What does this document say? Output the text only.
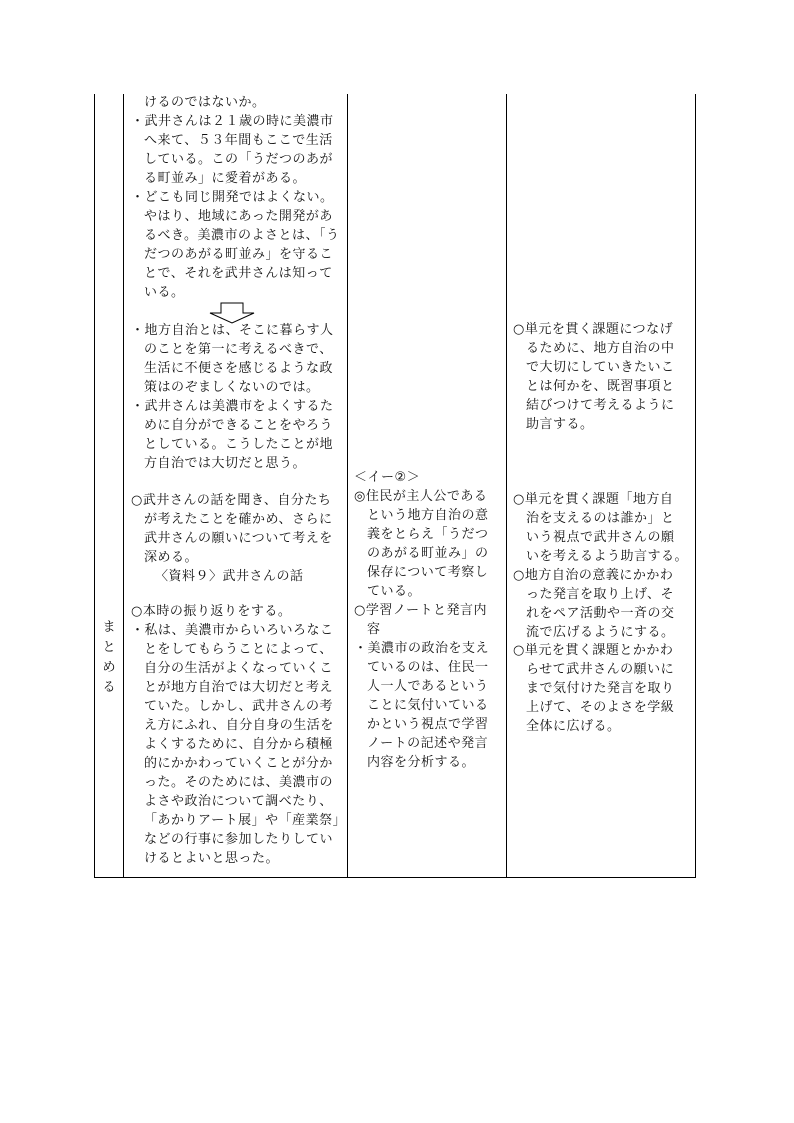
まとめる
けるのではないか。
・武井さんは２１歳の時に美濃市
へ来て、５３年間もここで生活
している。この「うだつのあが
る町並み」に愛着がある。
・どこも同じ開発ではよくない。
やはり、地域にあった開発があ
るべき。美濃市のよさとは、「う
だつのあがる町並み」を守るこ
とで、それを武井さんは知って
いる。
・地方自治とは、そこに暮らす人
のことを第一に考えるべきで、
生活に不便さを感じるような政
策はのぞましくないのでは。
・武井さんは美濃市をよくするた
めに自分ができることをやろう
としている。こうしたことが地
方自治では大切だと思う。
○武井さんの話を聞き、自分たち
が考えたことを確かめ、さらに
武井さんの願いについて考えを
深める。
〈資料９〉武井さんの話
○本時の振り返りをする。
・私は、美濃市からいろいろなこ
とをしてもらうことによって、
自分の生活がよくなっていくこ
とが地方自治では大切だと考え
ていた。しかし、武井さんの考
え方にふれ、自分自身の生活を
よくするために、自分から積極
的にかかわっていくことが分か
った。そのためには、美濃市の
よさや政治について調べたり、
「あかりアート展」や「産業祭」
などの行事に参加したりしてい
けるとよいと思った。
＜イー②＞
◎住民が主人公である
という地方自治の意
義をとらえ「うだつ
のあがる町並み」の
保存について考察し
ている。
○学習ノートと発言内
容
・美濃市の政治を支え
ているのは、住民一
人一人であるという
ことに気付いている
かという視点で学習
ノートの記述や発言
内容を分析する。
○単元を貫く課題につなげ
るために、地方自治の中
で大切にしていきたいこ
とは何かを、既習事項と
結びつけて考えるように
助言する。
○単元を貫く課題「地方自
治を支えるのは誰か」と
いう視点で武井さんの願
いを考えるよう助言する。
○地方自治の意義にかかわ
った発言を取り上げ、そ
れをペア活動や一斉の交
流で広げるようにする。
○単元を貫く課題とかかわ
らせて武井さんの願いに
まで気付けた発言を取り
上げて、そのよさを学級
全体に広げる。
